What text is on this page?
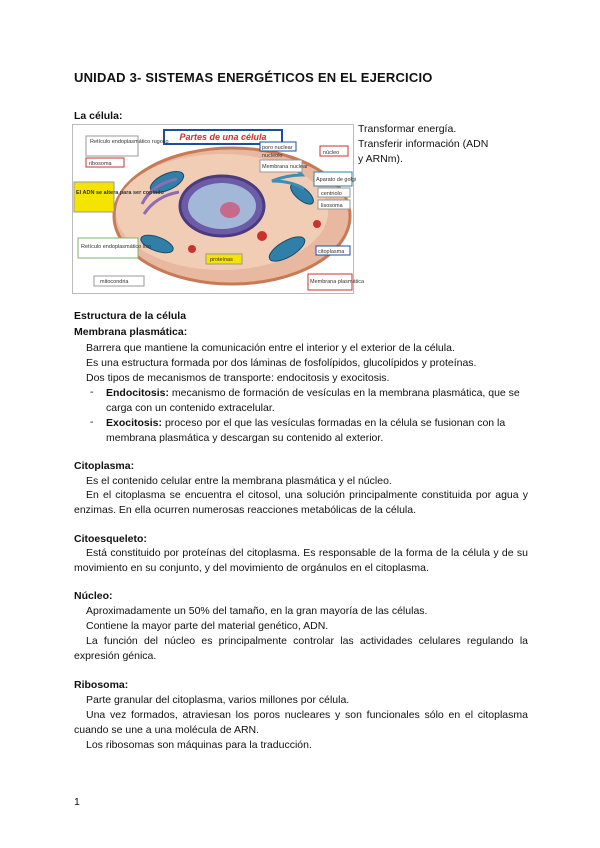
UNIDAD 3- SISTEMAS ENERGÉTICOS EN EL EJERCICIO
La célula:
Partes de una célula
Retículo endoplasmático rugoso
ribosoma
poro nuclear
nucleolo
Membrana nuclear
núcleo
Aparato de golgi
centriolo
lisosoma
El ADN se altera para ser copiado
Retículo endoplasmático liso
proteínas
citoplasma
mitocondria	Membrana plasmática
Transformar energía.
Transferir información (ADN
y ARNm).
Estructura de la célula
Membrana plasmática:
Barrera que mantiene la comunicación entre el interior y el exterior de la célula.
Es una estructura formada por dos láminas de fosfolípidos, glucolípidos y proteínas.
Dos tipos de mecanismos de transporte: endocitosis y exocitosis.
- Endocitosis: mecanismo de formación de vesículas en la membrana plasmática, que se carga con un contenido extracelular.
- Exocitosis: proceso por el que las vesículas formadas en la célula se fusionan con la membrana plasmática y descargan su contenido al exterior.
Citoplasma:
Es el contenido celular entre la membrana plasmática y el núcleo.
En el citoplasma se encuentra el citosol, una solución principalmente constituida por agua y enzimas. En ella ocurren numerosas reacciones metabólicas de la célula.
Citoesqueleto:
Está constituido por proteínas del citoplasma. Es responsable de la forma de la célula y de su movimiento en su conjunto, y del movimiento de orgánulos en el citoplasma.
Núcleo:
Aproximadamente un 50% del tamaño, en la gran mayoría de las células.
Contiene la mayor parte del material genético, ADN.
La función del núcleo es principalmente controlar las actividades celulares regulando la expresión génica.
Ribosoma:
Parte granular del citoplasma, varios millones por célula.
Una vez formados, atraviesan los poros nucleares y son funcionales sólo en el citoplasma cuando se une a una molécula de ARN.
Los ribosomas son máquinas para la traducción.
1
